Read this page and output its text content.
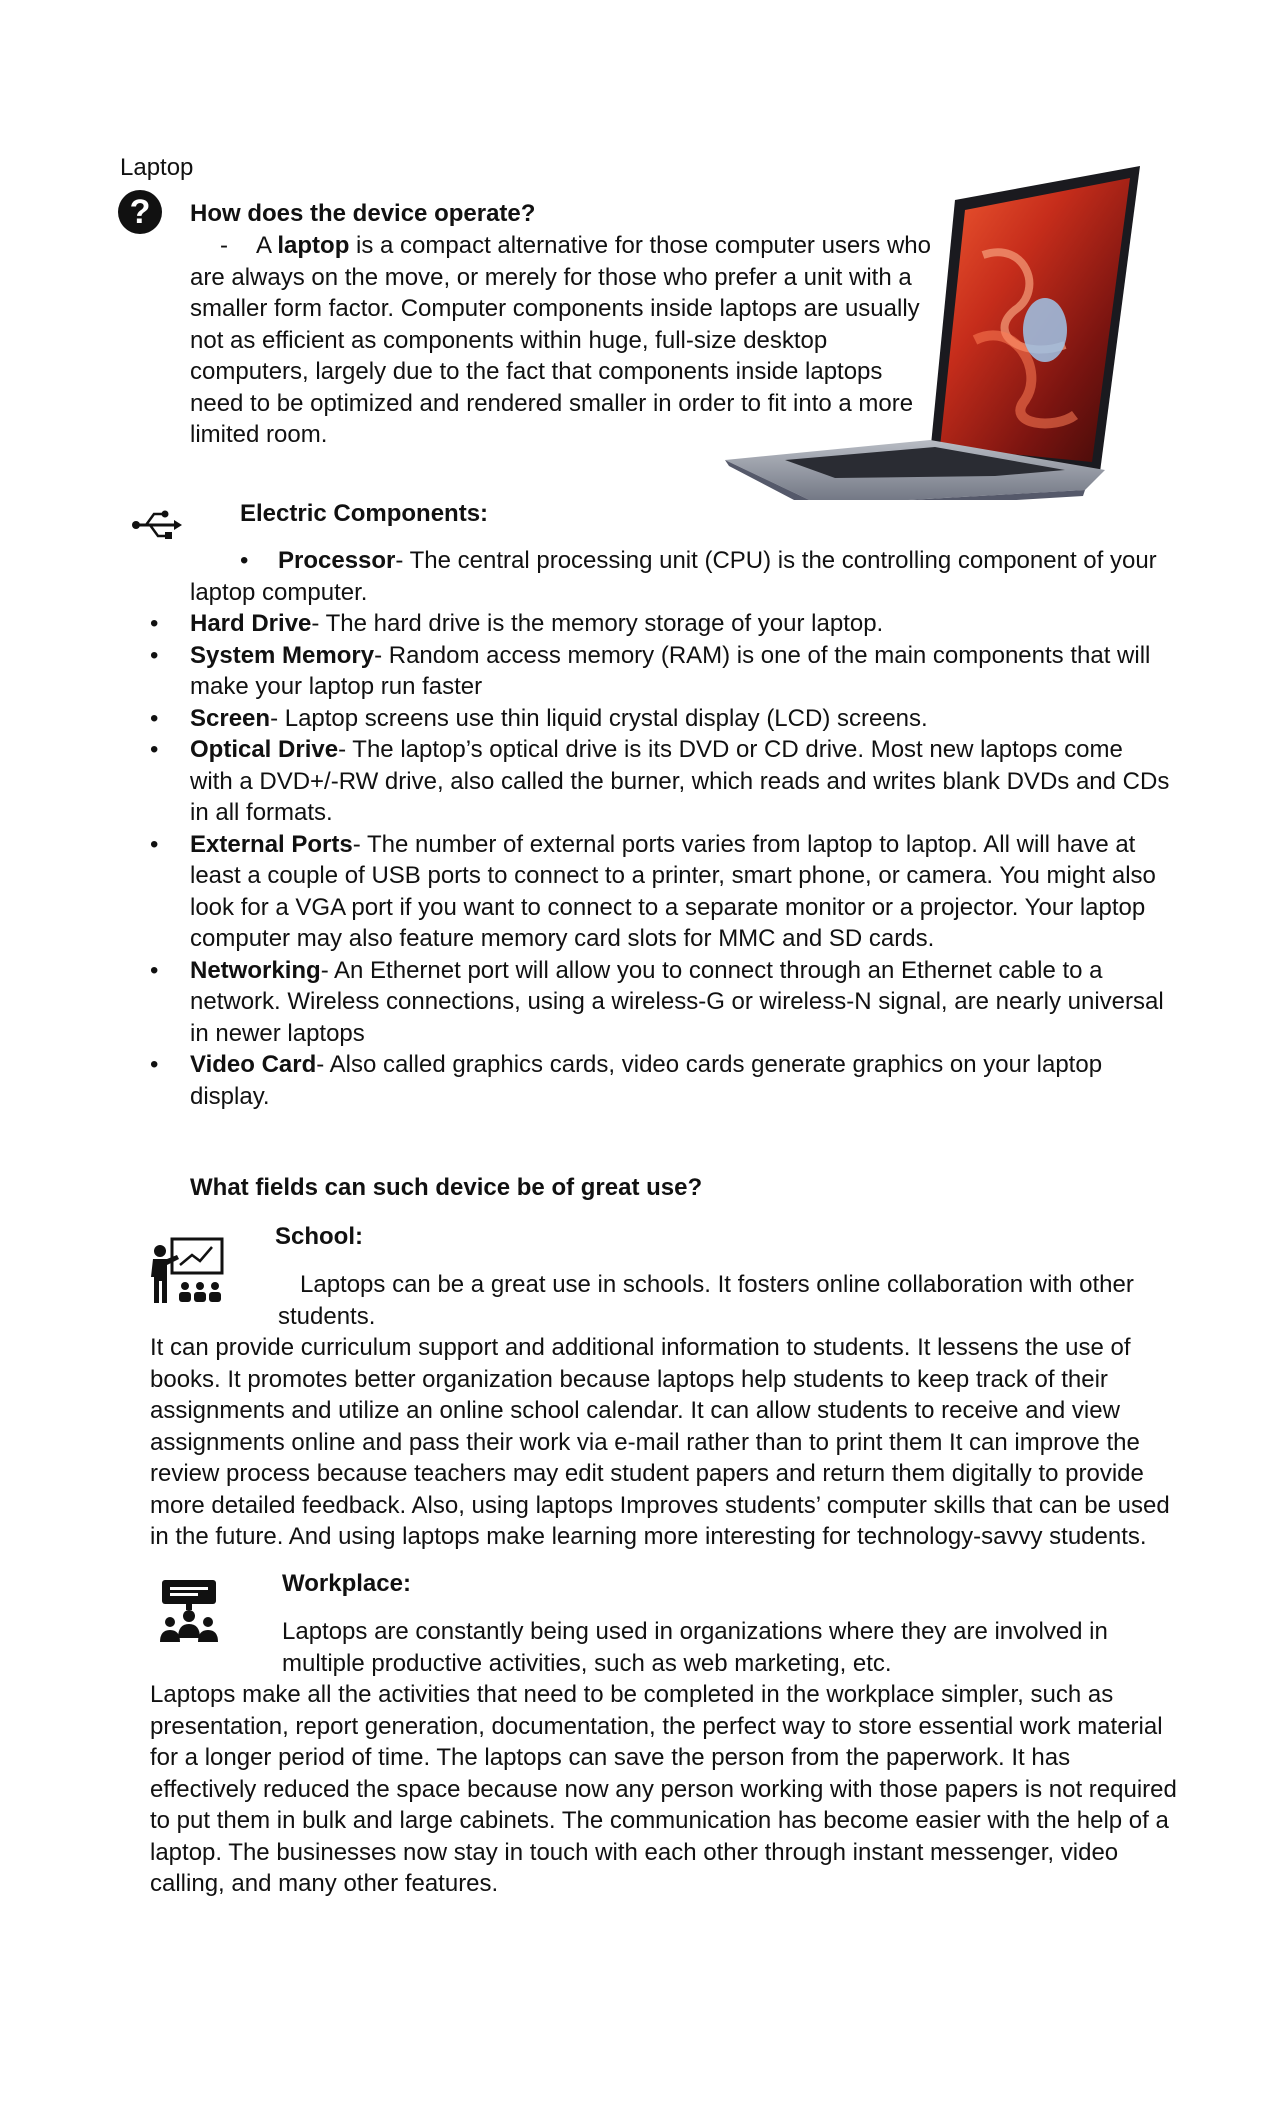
Laptop
?	How does the device operate?
- A laptop is a compact alternative for those computer users who are always on the move, or merely for those who prefer a unit with a smaller form factor. Computer components inside laptops are usually not as efficient as components within huge, full-size desktop computers, largely due to the fact that components inside laptops need to be optimized and rendered smaller in order to fit into a more limited room.
Electric Components:
•	Processor- The central processing unit (CPU) is the controlling component of your laptop computer.
• Hard Drive- The hard drive is the memory storage of your laptop.
• System Memory- Random access memory (RAM) is one of the main components that will make your laptop run faster
• Screen- Laptop screens use thin liquid crystal display (LCD) screens.
• Optical Drive- The laptop’s optical drive is its DVD or CD drive. Most new laptops come with a DVD+/-RW drive, also called the burner, which reads and writes blank DVDs and CDs in all formats.
• External Ports- The number of external ports varies from laptop to laptop. All will have at least a couple of USB ports to connect to a printer, smart phone, or camera. You might also look for a VGA port if you want to connect to a separate monitor or a projector. Your laptop computer may also feature memory card slots for MMC and SD cards.
• Networking- An Ethernet port will allow you to connect through an Ethernet cable to a network. Wireless connections, using a wireless-G or wireless-N signal, are nearly universal in newer laptops
• Video Card- Also called graphics cards, video cards generate graphics on your laptop display.
What fields can such device be of great use?
School:
Laptops can be a great use in schools. It fosters online collaboration with other students.
It can provide curriculum support and additional information to students. It lessens the use of books. It promotes better organization because laptops help students to keep track of their assignments and utilize an online school calendar. It can allow students to receive and view assignments online and pass their work via e-mail rather than to print them It can improve the review process because teachers may edit student papers and return them digitally to provide more detailed feedback. Also, using laptops Improves students’ computer skills that can be used in the future. And using laptops make learning more interesting for technology-savvy students.
Workplace:
Laptops are constantly being used in organizations where they are involved in multiple productive activities, such as web marketing, etc.
Laptops make all the activities that need to be completed in the workplace simpler, such as presentation, report generation, documentation, the perfect way to store essential work material for a longer period of time. The laptops can save the person from the paperwork. It has effectively reduced the space because now any person working with those papers is not required to put them in bulk and large cabinets. The communication has become easier with the help of a laptop. The businesses now stay in touch with each other through instant messenger, video calling, and many other features.
